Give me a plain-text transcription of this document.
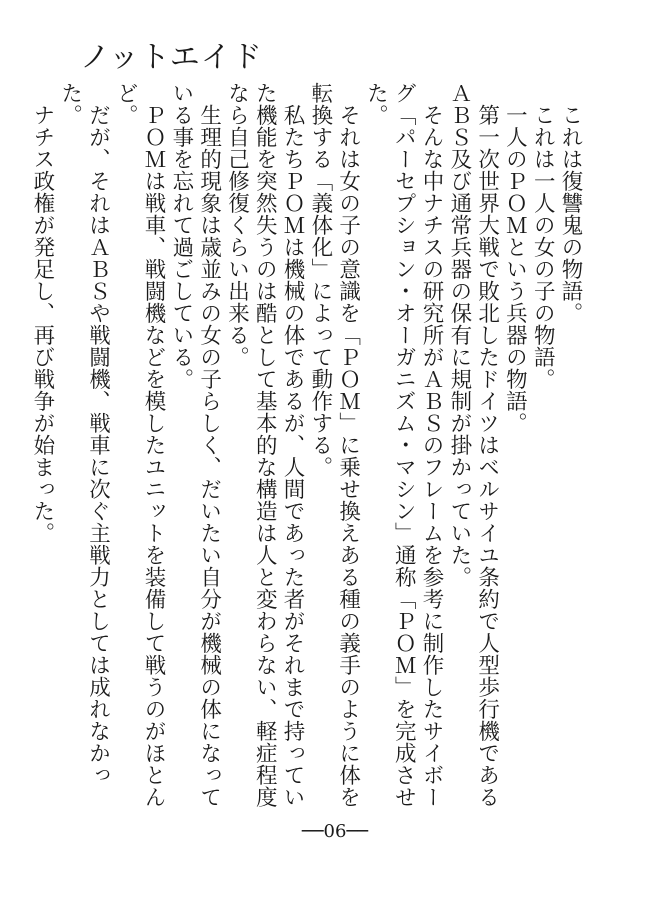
ノットエイド

これは復讐鬼の物語。

これは一人の女の子の物語。

一人のＰＯＭという兵器の物語。

第一次世界大戦で敗北したドイツはベルサイユ条約で人型歩行機であるＡＢＳ及び通常兵器の保有に規制が掛かっていた。

そんな中ナチスの研究所がＡＢＳのフレームを参考に制作したサイボーグ「パーセプション・オーガニズム・マシン」通称「ＰＯＭ」を完成させた。

それは女の子の意識を「ＰＯＭ」に乗せ換えある種の義手のように体を転換する「義体化」によって動作する。

私たちＰＯＭは機械の体であるが、人間であった者がそれまで持っていた機能を突然失うのは酷として基本的な構造は人と変わらない、軽症程度なら自己修復くらい出来る。

生理的現象は歳並みの女の子らしく、だいたい自分が機械の体になっている事を忘れて過ごしている。

ＰＯＭは戦車、戦闘機などを模したユニットを装備して戦うのがほとんど。

だが、それはＡＢＳや戦闘機、戦車に次ぐ主戦力としては成れなかった。

ナチス政権が発足し、再び戦争が始まった。

──06──
